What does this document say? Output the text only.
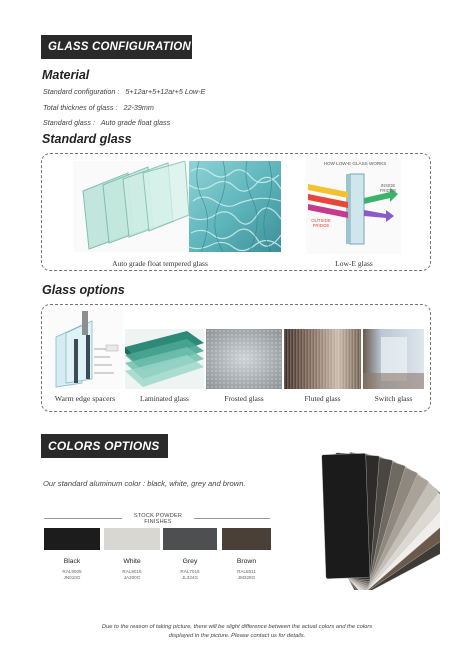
GLASS CONFIGURATION
Material
Standard configuration : 5+12ar+5+12ar+5 Low-E
Total thicknes of glass : 22-39mm
Standard glass : Auto grade float glass
Standard glass
HOW LOW-E GLASS WORKS
INSIDE FRIDGE
OUTSIDE FRIDGE
Auto grade float tempered glass	Low-E glass
Glass options
Warm edge spacers	Laminated glass	Frosted glass	Fluted glass	Switch glass
COLORS OPTIONS
Our standard aluminum color : black, white, grey and brown.
STOCK POWDER FINISHES
Black	White	Grey	Brown
RAL9005
JN010G
RAL9016
JA300G
RAL7016
JL324G
RAL8011
JM328G
Due to the reason of taking picture, there will be slight difference between the actual colors and the colors
displayed in the picture. Please contact us for details.
